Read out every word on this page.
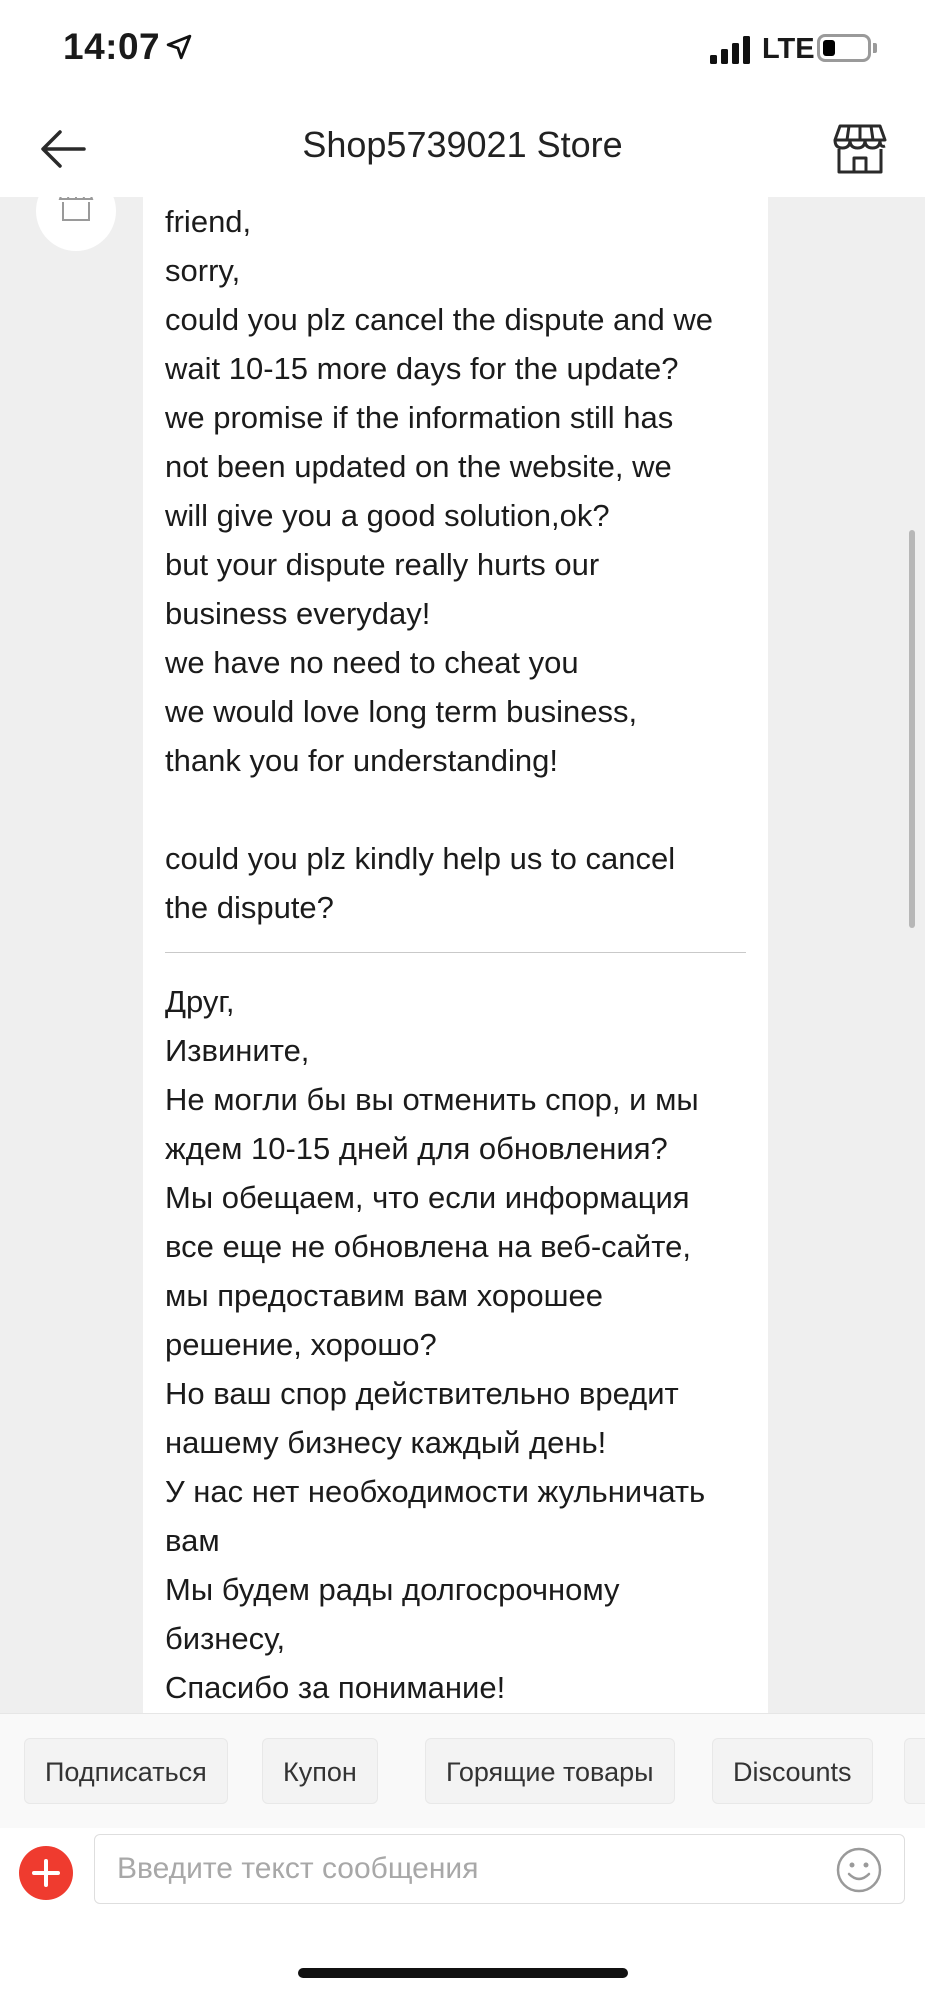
14:07	LTE
Shop5739021 Store
friend,
sorry,
could you plz cancel the dispute and we
wait 10-15 more days for the update?
we promise if the information still has
not been updated on the website, we
will give you a good solution,ok?
but your dispute really hurts our
business everyday!
we have no need to cheat you
we would love long term business,
thank you for understanding!
could you plz kindly help us to cancel
the dispute?
Друг,
Извините,
Не могли бы вы отменить спор, и мы
ждем 10-15 дней для обновления?
Мы обещаем, что если информация
все еще не обновлена на веб-сайте,
мы предоставим вам хорошее
решение, хорошо?
Но ваш спор действительно вредит
нашему бизнесу каждый день!
У нас нет необходимости жульничать
вам
Мы будем рады долгосрочному
бизнесу,
Спасибо за понимание!
Подписаться	Купон	Горящие товары	Discounts
Введите текст сообщения
